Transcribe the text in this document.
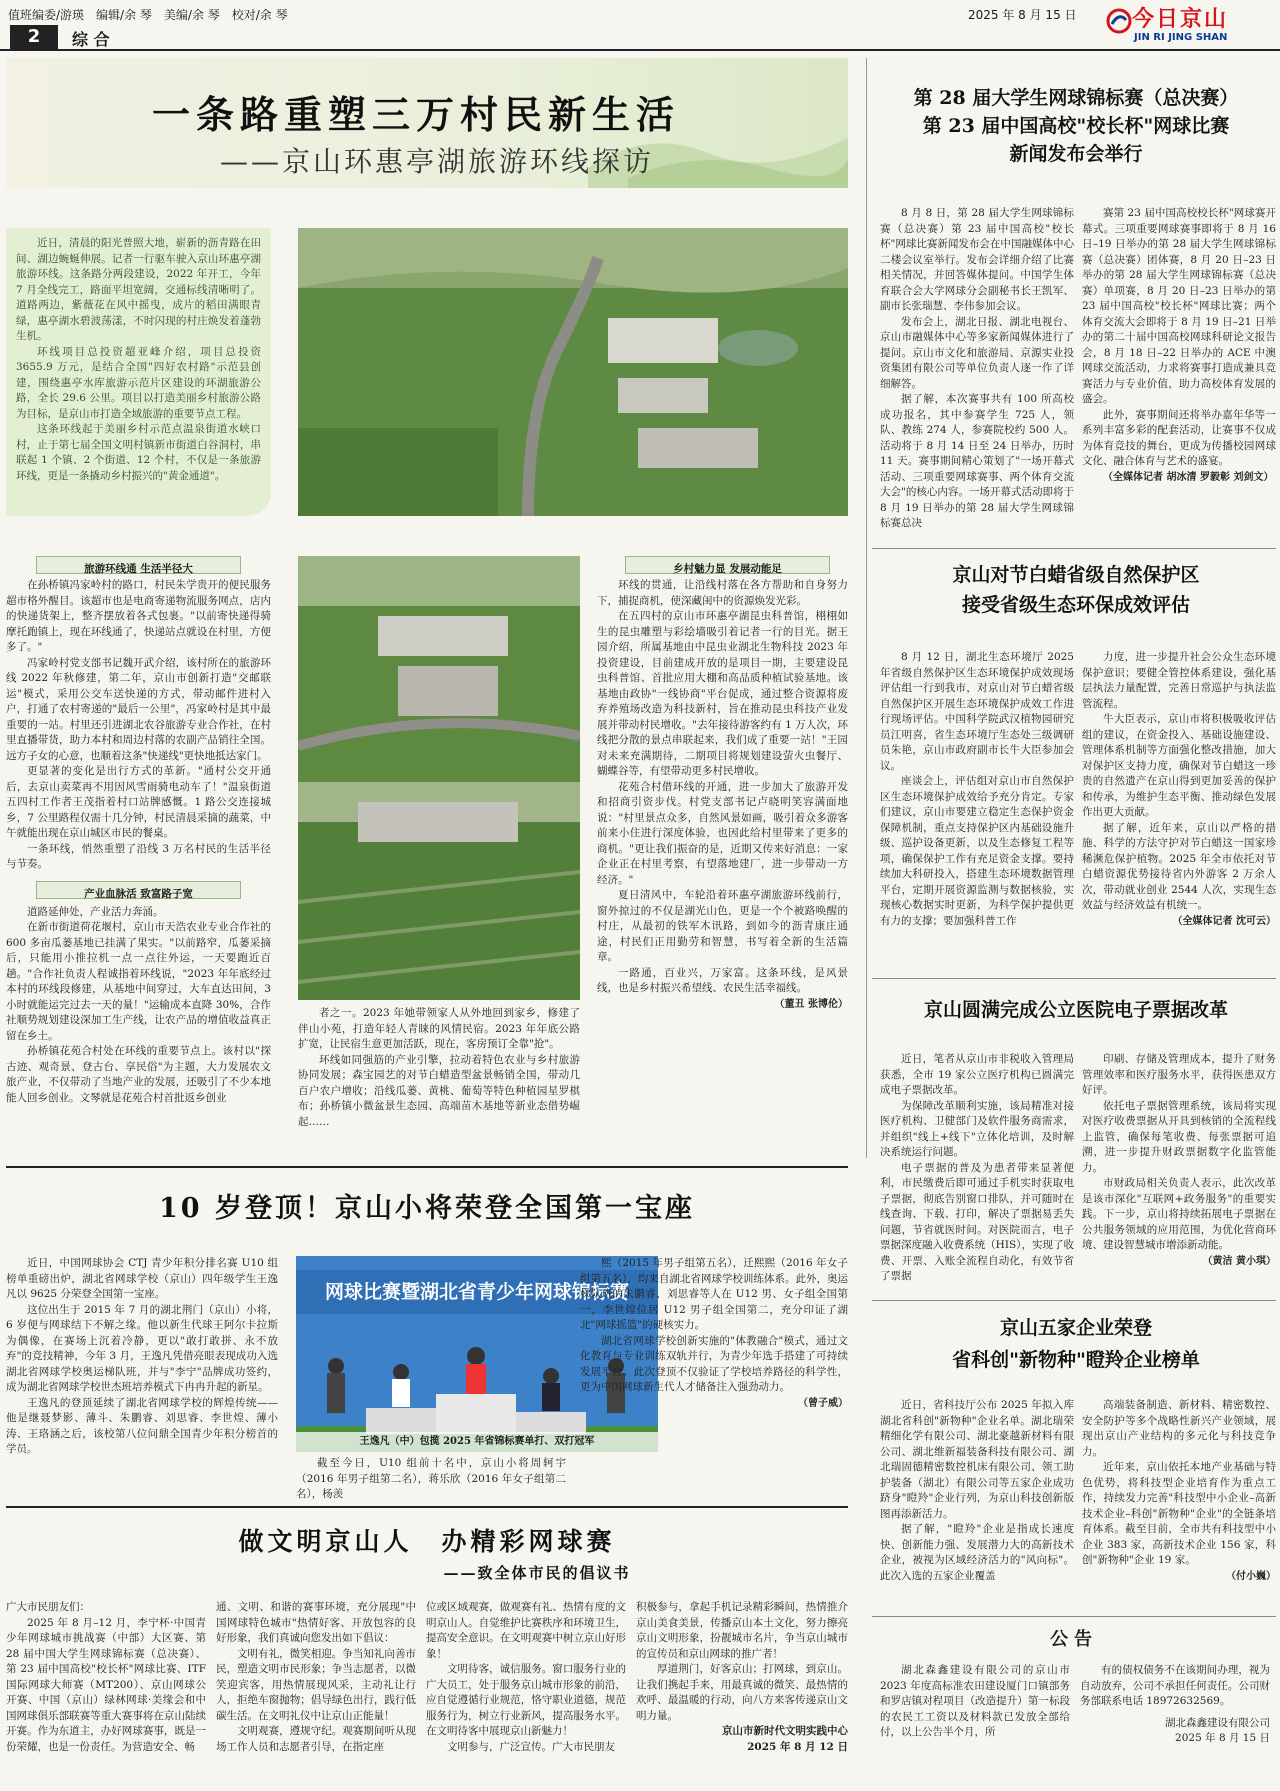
值班编委/游瑛　编辑/余 琴　美编/余 琴　校对/余 琴	2025 年 8 月 15 日	今日京山
JIN RI JING SHAN
2	综 合
一条路重塑三万村民新生活
——京山环惠亭湖旅游环线探访

近日，清晨的阳光普照大地，崭新的沥青路在田间、湖边蜿蜒伸展。记者一行驱车驶入京山环惠亭湖旅游环线。这条路分两段建设，2022 年开工，今年 7 月全线完工，路面平坦宽阔，交通标线清晰明了。道路两边，紫薇花在风中摇曳，成片的稻田满眼青绿，惠亭湖水碧波荡漾，不时闪现的村庄焕发着蓬勃生机。

环线项目总投资超亚峰介绍，项目总投资 3655.9 万元，是结合全国"四好农村路"示范县创建，围绕惠亭水库旅游示范片区建设的环湖旅游公路，全长 29.6 公里。项目以打造美丽乡村旅游公路为目标，是京山市打造全域旅游的重要节点工程。

这条环线起于美丽乡村示范点温泉街道水峡口村，止于第七届全国文明村镇新市街道白谷洞村，串联起 1 个镇、2 个街道、12 个村，不仅是一条旅游环线，更是一条撬动乡村振兴的"黄金通道"。

旅游环线通 生活半径大

在孙桥镇冯家岭村的路口，村民朱学贵开的便民服务超市格外醒目。该超市也是电商寄递物流服务网点，店内的快递货架上，整齐摆放着各式包裹。"以前寄快递得骑摩托跑镇上，现在环线通了，快递站点就设在村里，方便多了。"

冯家岭村党支部书记魏开武介绍，该村所在的旅游环线 2022 年秋修建，第二年，京山市创新打造"交邮联运"模式，采用公交车送快递的方式，带动邮件进村入户，打通了农村寄递的"最后一公里"，冯家岭村是其中最重要的一站。村里还引进湖北农谷旅游专业合作社，在村里直播带货，助力本村和周边村落的农副产品销往全国。远方子女的心意，也顺着这条"快递线"更快地抵达家门。

更显著的变化是出行方式的革新。"通村公交开通后，去京山卖菜再不用因风雪雨骑电动车了！"温泉街道五四村工作者王茂指着村口站牌感慨。1 路公交连接城乡，7 公里路程仅需十几分钟，村民清晨采摘的蔬菜，中午就能出现在京山城区市民的餐桌。

一条环线，悄然重塑了沿线 3 万名村民的生活半径与节奏。

产业血脉活 致富路子宽

道路延伸处，产业活力奔涌。

在新市街道荷花堰村，京山市天浩农业专业合作社的 600 多亩瓜蒌基地已挂满了果实。"以前路窄，瓜蒌采摘后，只能用小推拉机一点一点往外运，一天要跑近百趟。"合作社负责人程诚指着环线说，"2023 年年底经过本村的环线段修建，从基地中间穿过，大车直达田间，3 小时就能运完过去一天的量！"运输成本直降 30%，合作社顺势规划建设深加工生产线，让农产品的增值收益真正留在乡土。

孙桥镇花苑合村处在环线的重要节点上。该村以"探古迹、观奇景、登古台、享民俗"为主题，大力发展农文旅产业，不仅带动了当地产业的发展，还吸引了不少本地能人回乡创业。文琴就是花苑合村首批返乡创业

者之一。2023 年她带领家人从外地回到家乡，修建了伴山小苑，打造年轻人青睐的风情民宿。2023 年年底公路扩宽，让民宿生意更加活跃，现在，客房预订全靠"抢"。

环线如同强筋的产业引擎，拉动着特色农业与乡村旅游协同发展；森宝园艺的对节白蜡造型盆景畅销全国，带动几百户农户增收；沿线瓜蒌、黄桃、葡萄等特色种植园星罗棋布；孙桥镇小微盆景生态园、高端苗木基地等新业态借势崛起……

乡村魅力显 发展动能足

环线的贯通，让沿线村落在各方帮助和自身努力下，捕捉商机，使深藏闺中的资源焕发光彩。

在五四村的京山市环惠亭湖昆虫科普馆，栩栩如生的昆虫雕塑与彩绘墙吸引着记者一行的目光。据王园介绍，所属基地由中昆虫业湖北生物科技 2023 年投资建设，目前建成开放的是项目一期，主要建设昆虫科普馆、首批应用大棚和高品质种植试验基地。该基地由政协"一线协商"平台促成，通过整合资源将废弃养殖场改造为科技新村，旨在推动昆虫科技产业发展并带动村民增收。"去年接待游客约有 1 万人次，环线把分散的景点串联起来，我们成了重要一站！"王园对未来充满期待，二期项目将规划建设萤火虫餐厅、蝴蝶谷等，有望带动更多村民增收。

花苑合村借环线的开通，进一步加大了旅游开发和招商引资步伐。村党支部书记卢晓明笑容满面地说："村里景点众多，自然风景如画，吸引着众多游客前来小住进行深度体验，也因此给村里带来了更多的商机。"更让我们振奋的是，近期又传来好消息：一家企业正在村里考察，有望落地建厂，进一步带动一方经济。"

夏日清风中，车轮沿着环惠亭湖旅游环线前行，窗外掠过的不仅是湖光山色，更是一个个被路唤醒的村庄，从最初的铁军木讯路，到如今的沥青康庄通途，村民们正用勤劳和智慧，书写着全新的生活篇章。

一路通，百业兴，万家富。这条环线，是风景线，也是乡村振兴希望线、农民生活幸福线。

（董丑 张博伦）

第 28 届大学生网球锦标赛（总决赛）
第 23 届中国高校"校长杯"网球比赛
新闻发布会举行

8 月 8 日，第 28 届大学生网球锦标赛（总决赛）第 23 届中国高校"校长杯"网球比赛新闻发布会在中国融媒体中心二楼会议室举行。发布会详细介绍了比赛相关情况，并回答媒体提问。中国学生体育联合会大学网球分会副秘书长王凯军、副市长张瑞慧、李伟参加会议。

发布会上，湖北日报、湖北电视台、京山市融媒体中心等多家新闻媒体进行了提问。京山市文化和旅游局、京源实业投资集团有限公司等单位负责人逐一作了详细解答。

据了解，本次赛事共有 100 所高校成功报名，其中参赛学生 725 人，领队、教练 274 人，参赛院校约 500 人。活动将于 8 月 14 日至 24 日举办，历时 11 天。赛事期间精心策划了"一场开幕式活动、三项重要网球赛事、两个体育交流大会"的核心内容。一场开幕式活动即将于 8 月 19 日举办的第 28 届大学生网球锦标赛总决

赛第 23 届中国高校校长杯"网球赛开幕式。三项重要网球赛事即将于 8 月 16 日–19 日举办的第 28 届大学生网球锦标赛（总决赛）团体赛，8 月 20 日–23 日举办的第 28 届大学生网球锦标赛（总决赛）单项赛，8 月 20 日–23 日举办的第 23 届中国高校"校长杯"网球比赛；两个体育交流大会即将于 8 月 19 日–21 日举办的第二十届中国高校网球科研论文报告会，8 月 18 日–22 日举办的 ACE 中澳网球交流活动，力求将赛事打造成兼具竞赛活力与专业价值，助力高校体育发展的盛会。

此外，赛事期间还将举办嘉年华等一系列丰富多彩的配套活动，让赛事不仅成为体育竞技的舞台，更成为传播校园网球文化、融合体育与艺术的盛宴。

（全媒体记者 胡冰清 罗毅彰 刘剑文）

京山对节白蜡省级自然保护区
接受省级生态环保成效评估

8 月 12 日，湖北生态环境厅 2025 年省级自然保护区生态环境保护成效现场评估组一行到我市，对京山对节白蜡省级自然保护区开展生态环境保护成效工作进行现场评估。中国科学院武汉植物园研究员江明喜，省生态环境厅生态处三级调研员朱艳，京山市政府副市长牛大臣参加会议。

座谈会上，评估组对京山市自然保护区生态环境保护成效给予充分肯定。专家们建议，京山市要建立稳定生态保护资金保障机制，重点支持保护区内基础设施升级、巡护设备更新，以及生态修复工程等项，确保保护工作有充足资金支撑。要持续加大科研投入，搭建生态环境数据管理平台，定期开展资源监测与数据核验，实现核心数据实时更新，为科学保护提供更有力的支撑；要加强科普工作

力度，进一步提升社会公众生态环境保护意识；要健全管控体系建设，强化基层执法力量配置，完善日常巡护与执法监管流程。

牛大臣表示，京山市将积极吸收评估组的建议，在资金投入、基础设施建设、管理体系机制等方面强化整改措施，加大对保护区支持力度，确保对节白蜡这一珍贵的自然遗产在京山得到更加妥善的保护和传承，为维护生态平衡、推动绿色发展作出更大贡献。

据了解，近年来，京山以严格的措施、科学的方法守护对节白蜡这一国家珍稀濒危保护植物。2025 年全市依托对节白蜡资源优势接待省内外游客 2 万余人次，带动就业创业 2544 人次，实现生态效益与经济效益有机统一。

（全媒体记者 沈可云）

京山圆满完成公立医院电子票据改革

近日，笔者从京山市非税收入管理局获悉，全市 19 家公立医疗机构已圆满完成电子票据改革。

为保障改革顺利实施，该局精准对接医疗机构、卫健部门及软件服务商需求，并组织"线上+线下"立体化培训，及时解决系统运行问题。

电子票据的普及为患者带来显著便利，市民缴费后即可通过手机实时获取电子票据，彻底告别窗口排队，并可随时在线查询、下载、打印，解决了票据易丢失问题，节省就医时间。对医院而言，电子票据深度融入收费系统（HIS），实现了收费、开票、入账全流程自动化，有效节省了票据

印刷、存储及管理成本，提升了财务管理效率和医疗服务水平，获得医患双方好评。

依托电子票据管理系统，该局将实现对医疗收费票据从开具到核销的全流程线上监管，确保每笔收费、每张票据可追溯，进一步提升财政票据数字化监管能力。

市财政局相关负责人表示，此次改革是该市深化"互联网+政务服务"的重要实践。下一步，京山将持续拓展电子票据在公共服务领域的应用范围，为优化营商环境、建设智慧城市增添新动能。

（黄洁 黄小琪）

京山五家企业荣登
省科创"新物种"瞪羚企业榜单

近日，省科技厅公布 2025 年拟入库湖北省科创"新物种"企业名单。湖北瑞荣精细化学有限公司、湖北豪越新材料有限公司、湖北维新福装备科技有限公司、湖北瑞固德精密数控机床有限公司、领工助护装备（湖北）有限公司等五家企业成功跻身"瞪羚"企业行列，为京山科技创新版图再添新活力。

据了解，"瞪羚"企业是指成长速度快、创新能力强、发展潜力大的高新技术企业，被视为区域经济活力的"风向标"。此次入选的五家企业覆盖

高端装备制造、新材料、精密数控、安全防护等多个战略性新兴产业领域，展现出京山产业结构的多元化与科技竞争力。

近年来，京山依托本地产业基础与特色优势，将科技型企业培育作为重点工作，持续发力完善"科技型中小企业–高新技术企业–科创"新物种"企业"的全链条培育体系。截至目前，全市共有科技型中小企业 383 家，高新技术企业 156 家，科创"新物种"企业 19 家。

（付小巍）

公告

湖北森鑫建设有限公司的京山市 2023 年度高标准农田建设厦门口镇部务和罗店镇对程项目（改造提升）第一标段的农民工工资以及材料款已发放全部给付，以上公告半个月，所

有的债权债务不在该期间办理，视为自动放弃，公司不承担任何责任。公司财务部联系电话 18972632569。

湖北森鑫建设有限公司

2025 年 8 月 15 日

10 岁登顶！京山小将荣登全国第一宝座

近日，中国网球协会 CTJ 青少年积分排名赛 U10 组榜单重磅出炉，湖北省网球学校（京山）四年级学生王逸凡以 9625 分荣登全国第一宝座。

这位出生于 2015 年 7 月的湖北荆门（京山）小将，6 岁便与网球结下不解之缘。他以新生代球王阿尔卡拉斯为偶像，在赛场上沉着冷静，更以"敢打敢拼、永不放弃"的竞技精神，今年 3 月，王逸凡凭借亮眼表现成功入选湖北省网球学校奥运梯队班，并与"李宁"品牌成功签约，成为湖北省网球学校世杰班培养模式下冉冉升起的新星。

王逸凡的登顶延续了湖北省网球学校的辉煌传统——他是继聂梦影、薄斗、朱鹏睿、刘思睿、李世煌、薄小涛、王珞涵之后，该校第八位问鼎全国青少年积分榜首的学员。

网球比赛暨湖北省青少年网球锦标赛
王逸凡（中）包揽 2025 年省锦标赛单打、双打冠军

截至今日，U10 组前十名中，京山小将周轲宇（2016 年男子组第二名），蒋乐欣（2016 年女子组第二名），杨羡

熙（2015 年男子组第五名），迁熙熙（2016 年女子组第五名），均来自湖北省网球学校训练体系。此外，奥运梯队班的朱鹏睿、刘思睿等人在 U12 男、女子组全国第一，李世煌位居 U12 男子组全国第二，充分印证了湖北"网球摇篮"的硬核实力。

湖北省网球学校创新实施的"体教融合"模式，通过文化教育与专业训练双轨并行，为青少年选手搭建了可持续发展平台。此次登顶不仅验证了学校培养路径的科学性，更为中国网球新生代人才储备注入强劲动力。

（曾子威）

做文明京山人　办精彩网球赛
——致全体市民的倡议书

广大市民朋友们：

2025 年 8 月–12 月，李宁杯·中国青少年网球城市挑战赛（中部）大区赛、第 28 届中国大学生网球锦标赛（总决赛）、第 23 届中国高校"校长杯"网球比赛、ITF 国际网球大师赛（MT200）、京山网球公开赛、中国（京山）绿林网球·美缘会和中国网球俱乐部联赛等重大赛事将在京山陆续开赛。作为东道主，办好网球赛事，既是一份荣耀，也是一份责任。为营造安全、畅

通、文明、和谐的赛事环境，充分展现"中国网球特色城市"热情好客、开放包容的良好形象，我们真诚向您发出如下倡议：

文明有礼，微笑相迎。争当知礼向善市民，塑造文明市民形象；争当志愿者，以微笑迎宾客，用热情展现风采，主动礼让行人，拒绝车窗抛物；倡导绿色出行，践行低碳生活。在文明礼仪中让京山正能量！

文明观赛，遵规守纪。观赛期间听从现场工作人员和志愿者引导，在指定座

位或区域观赛，做观赛有礼、热情有度的文明京山人。自觉维护比赛秩序和环境卫生，提高安全意识。在文明观赛中树立京山好形象！

文明待客，诚信服务。窗口服务行业的广大员工，处于服务京山城市形象的前沿，应自觉遵循行业规范，恪守职业道德，规范服务行为，树立行业新风，提高服务水平。在文明待客中展现京山新魅力！

文明参与，广泛宣传。广大市民朋友

积极参与，拿起手机记录精彩瞬间，热情推介京山美食美景，传播京山本土文化，努力擦亮京山文明形象，扮靓城市名片，争当京山城市的宣传员和京山网球的推广者！

厚道荆门，好客京山；打网球，到京山。让我们携起手来，用最真诚的微笑、最热情的欢呼、最温暖的行动，向八方来客传递京山文明力量。

京山市新时代文明实践中心

2025 年 8 月 12 日
